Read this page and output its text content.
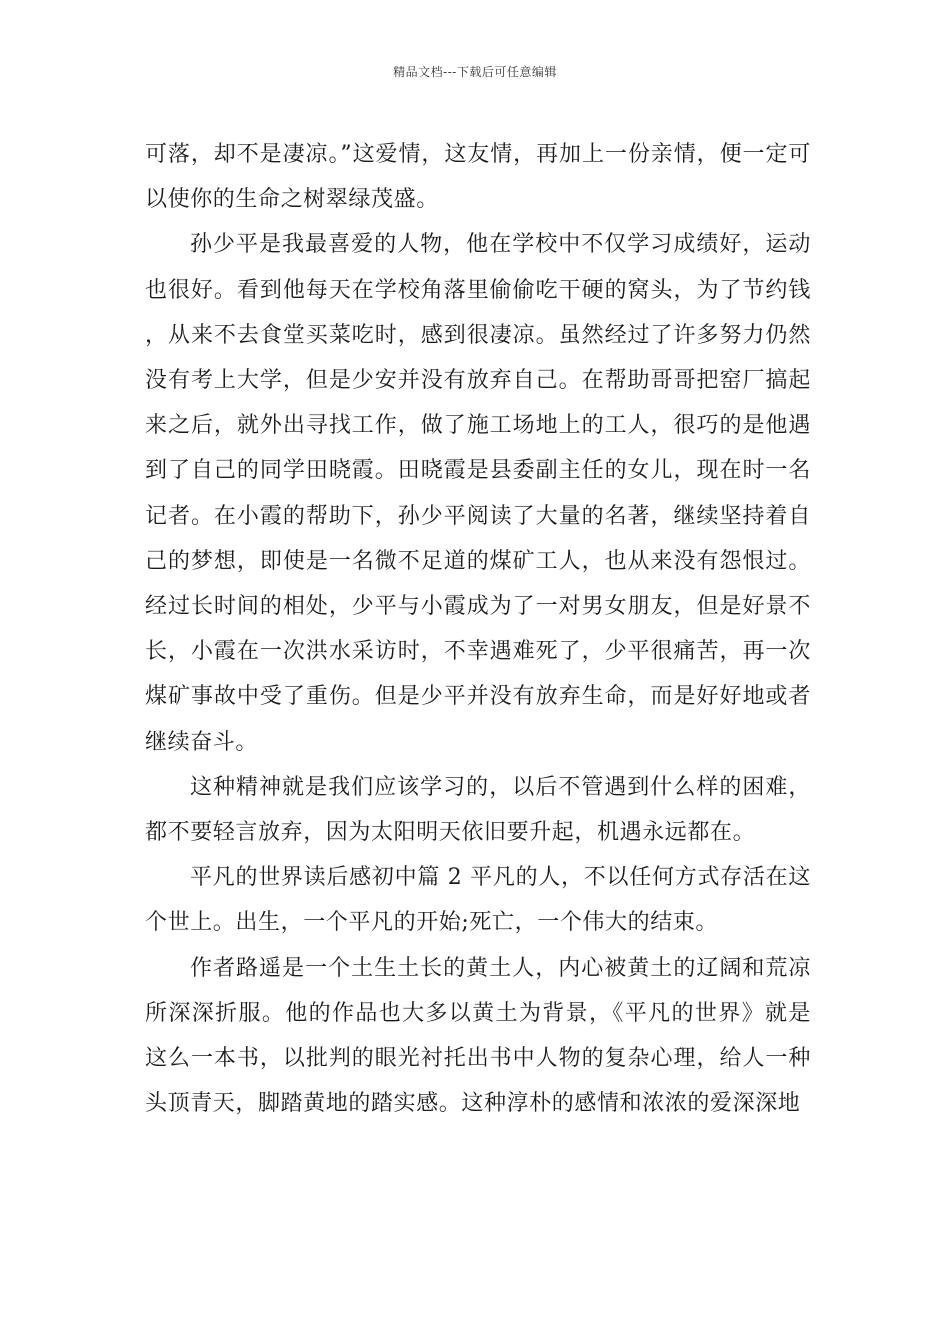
精品文档---下载后可任意编辑

可落，却不是凄凉。”这爱情，这友情，再加上一份亲情，便一定可以使你的生命之树翠绿茂盛。

孙少平是我最喜爱的人物，他在学校中不仅学习成绩好，运动也很好。看到他每天在学校角落里偷偷吃干硬的窝头，为了节约钱，从来不去食堂买菜吃时，感到很凄凉。虽然经过了许多努力仍然没有考上大学，但是少安并没有放弃自己。在帮助哥哥把窑厂搞起来之后，就外出寻找工作，做了施工场地上的工人，很巧的是他遇到了自己的同学田晓霞。田晓霞是县委副主任的女儿，现在时一名记者。在小霞的帮助下，孙少平阅读了大量的名著，继续坚持着自己的梦想，即使是一名微不足道的煤矿工人，也从来没有怨恨过。经过长时间的相处，少平与小霞成为了一对男女朋友，但是好景不长，小霞在一次洪水采访时，不幸遇难死了，少平很痛苦，再一次煤矿事故中受了重伤。但是少平并没有放弃生命，而是好好地或者继续奋斗。

这种精神就是我们应该学习的，以后不管遇到什么样的困难，都不要轻言放弃，因为太阳明天依旧要升起，机遇永远都在。

平凡的世界读后感初中篇 2 平凡的人，不以任何方式存活在这个世上。出生，一个平凡的开始;死亡，一个伟大的结束。

作者路遥是一个土生土长的黄土人，内心被黄土的辽阔和荒凉所深深折服。他的作品也大多以黄土为背景，《平凡的世界》就是这么一本书，以批判的眼光衬托出书中人物的复杂心理，给人一种头顶青天，脚踏黄地的踏实感。这种淳朴的感情和浓浓的爱深深地
